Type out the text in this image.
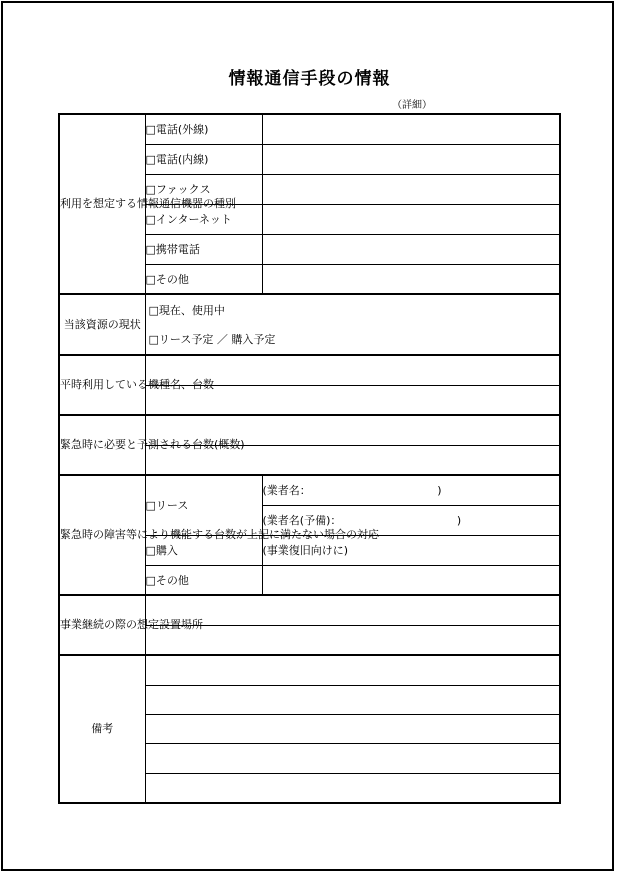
情報通信手段の情報
（詳細）
利用を想定する情報通信機器の種別	□電話(外線)	
	□電話(内線)	
	□ファックス	
	□インターネット	
	□携帯電話	
	□その他	
当該資源の現状	□現在、使用中
□リース予定 ／ 購入予定	

平時利用している機種名、台数		

緊急時に必要と予測される台数(概数)		

緊急時の障害等により機能する台数が上記に満たない場合の対応	□リース	(業者名：　　　　　　　　　　　　)
		(業者名(予備)：　　　　　　　　　　　)
	□購入	(事業復旧向けに)
	□その他	
事業継続の際の想定設置場所		

備考		
